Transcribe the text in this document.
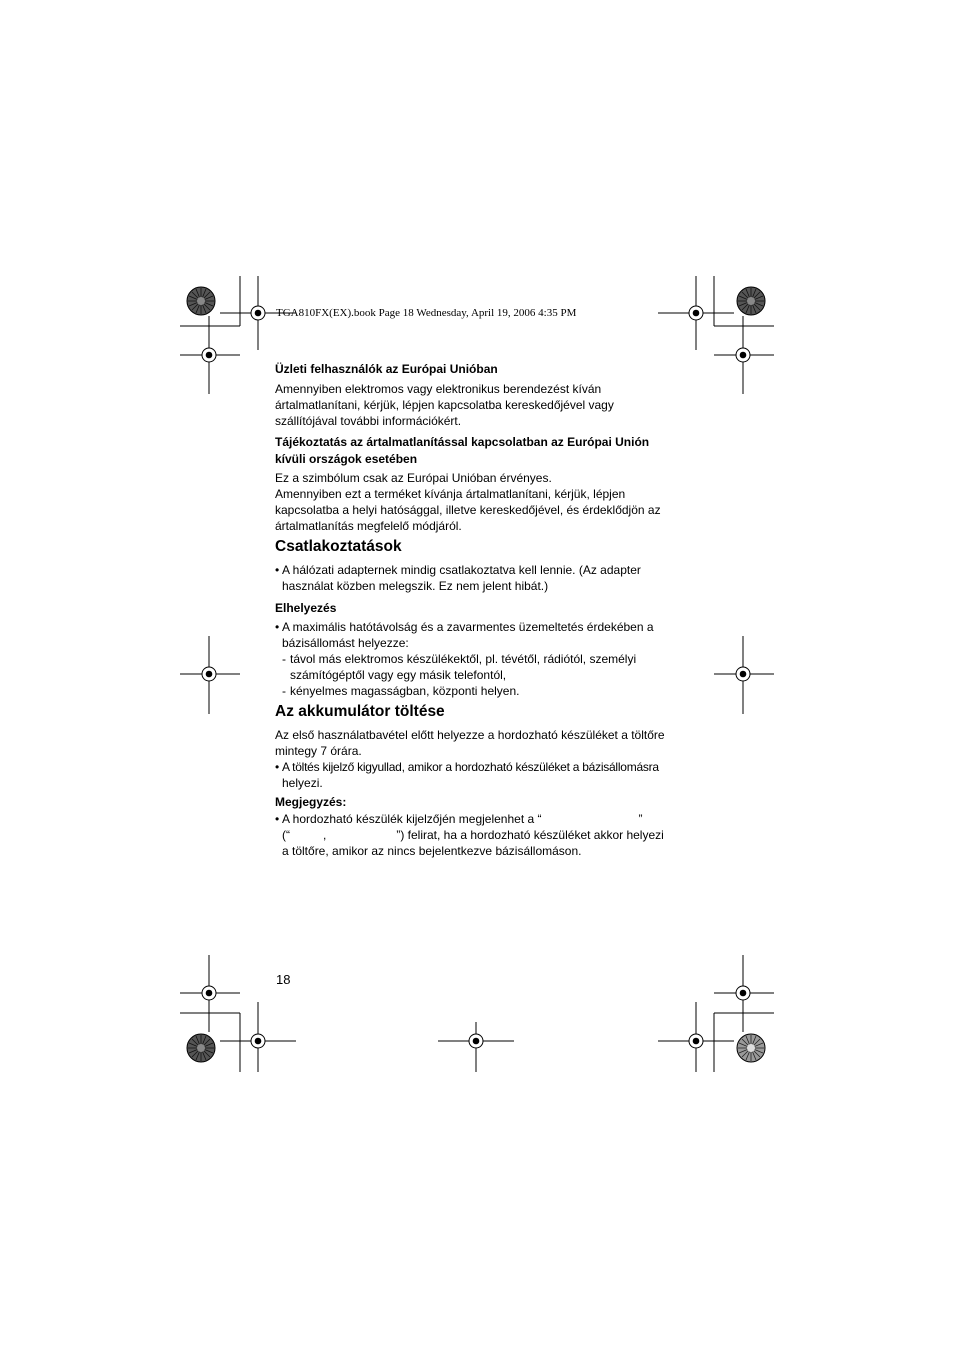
TGA810FX(EX).book Page 18 Wednesday, April 19, 2006 4:35 PM

Üzleti felhasználók az Európai Unióban

Amennyiben elektromos vagy elektronikus berendezést kíván

ártalmatlanítani, kérjük, lépjen kapcsolatba kereskedőjével vagy

szállítójával további információkért.

Tájékoztatás az ártalmatlanítással kapcsolatban az Európai Unión

kívüli országok esetében

Ez a szimbólum csak az Európai Unióban érvényes.

Amennyiben ezt a terméket kívánja ártalmatlanítani, kérjük, lépjen

kapcsolatba a helyi hatósággal, illetve kereskedőjével, és érdeklődjön az

ártalmatlanítás megfelelő módjáról.

Csatlakoztatások

• A hálózati adapternek mindig csatlakoztatva kell lennie. (Az adapter

használat közben melegszik. Ez nem jelent hibát.)

Elhelyezés

• A maximális hatótávolság és a zavarmentes üzemeltetés érdekében a

bázisállomást helyezze:

- távol más elektromos készülékektől, pl. tévétől, rádiótól, személyi

számítógéptől vagy egy másik telefontól,

- kényelmes magasságban, központi helyen.

Az akkumulátor töltése

Az első használatbavétel előtt helyezze a hordozható készüléket a töltőre

mintegy 7 órára.

• A töltés kijelző kigyullad, amikor a hordozható készüléket a bázisállomásra

helyezi.

Megjegyzés:

• A hordozható készülék kijelzőjén megjelenhet a “	”

(“	,	”) felirat, ha a hordozható készüléket akkor helyezi

a töltőre, amikor az nincs bejelentkezve bázisállomáson.

18
